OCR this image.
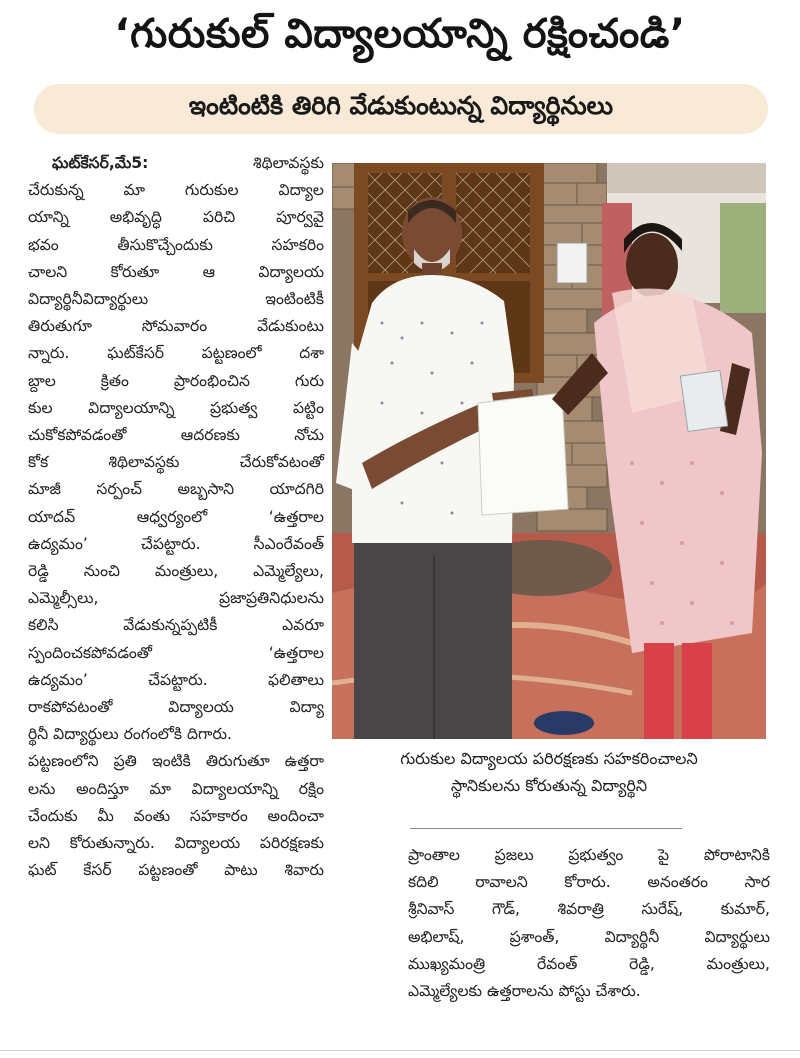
‘గురుకుల్ విద్యాలయాన్ని రక్షించండి’
ఇంటింటికి తిరిగి వేడుకుంటున్న విద్యార్థినులు

ఘట్‌కేసర్,మే5:	శిథిలావస్థకు
చేరుకున్న మా గురుకుల విద్యాల
యాన్ని అభివృద్ధి పరిచి పూర్వవై
భవం తీసుకొచ్చేందుకు సహకరిం
చాలని కోరుతూ ఆ విద్యాలయ
విద్యార్థినీవిద్యార్థులు ఇంటింటికీ
తిరుతుగూ సోమవారం వేడుకుంటు
న్నారు. ఘట్‌కేసర్ పట్టణంలో దశా
బ్దాల క్రితం ప్రారంభించిన గురు
కుల విద్యాలయాన్ని ప్రభుత్వ పట్టిం
చుకోకపోవడంతో ఆదరణకు నోచు
కోక శిథిలావస్థకు చేరుకోవటంతో
మాజీ సర్పంచ్ అబ్బసాని యాదగిరి
యాదవ్ ఆధ్వర్యంలో ‘ఉత్తరాల
ఉద్యమం’ చేపట్టారు. సీఎంరేవంత్
రెడ్డి నుంచి మంత్రులు, ఎమ్మెల్యేలు,
ఎమ్మెల్సీలు, ప్రజాప్రతినిధులను
కలిసి వేడుకున్నప్పటికీ ఎవరూ
స్పందించకపోవడంతో ‘ఉత్తరాల
ఉద్యమం’ చేపట్టారు. ఫలితాలు
రాకపోవటంతో విద్యాలయ విద్యా
ర్థినీ విద్యార్థులు రంగంలోకి దిగారు.
పట్టణంలోని ప్రతి ఇంటికి తిరుగుతూ ఉత్తరా
లను అందిస్తూ మా విద్యాలయాన్ని రక్షిం
చేందుకు మీ వంతు సహకారం అందించా
లని కోరుతున్నారు. విద్యాలయ పరిరక్షణకు
ఘట్ కేసర్ పట్టణంతో పాటు శివారు

గురుకుల విద్యాలయ పరిరక్షణకు సహకరించాలని
స్థానికులను కోరుతున్న విద్యార్థిని

ప్రాంతాల ప్రజలు ప్రభుత్వం పై పోరాటానికి
కదిలి రావాలని కోరారు. అనంతరం సార
శ్రీనివాస్ గౌడ్, శివరాత్రి సురేష్, కుమార్,
అభిలాష్, ప్రశాంత్, విద్యార్థినీ విద్యార్థులు
ముఖ్యమంత్రి రేవంత్ రెడ్డి, మంత్రులు,
ఎమ్మెల్యేలకు ఉత్తరాలను పోస్టు చేశారు.
